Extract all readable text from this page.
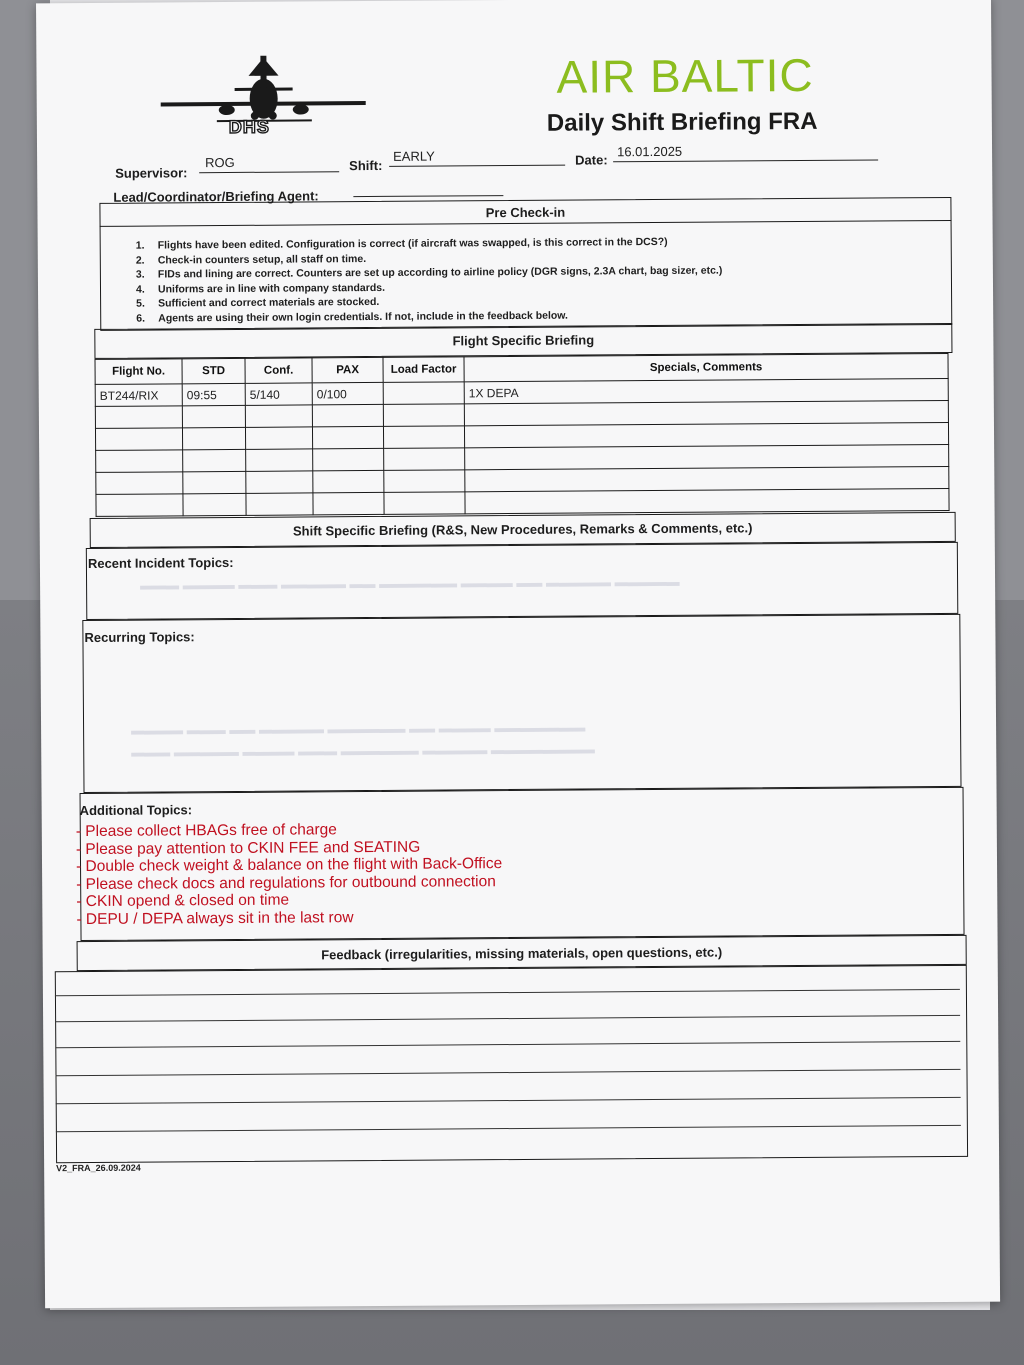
DHS
AIR BALTIC
Daily Shift Briefing FRA
Supervisor:
ROG	Shift:
EARLY	Date:
16.01.2025
Lead/Coordinator/Briefing Agent:
Pre Check-in
1. Flights have been edited. Configuration is correct (if aircraft was swapped, is this correct in the DCS?)
2. Check-in counters setup, all staff on time.
3. FIDs and lining are correct. Counters are set up according to airline policy (DGR signs, 2.3A chart, bag sizer, etc.)
4. Uniforms are in line with company standards.
5. Sufficient and correct materials are stocked.
6. Agents are using their own login credentials. If not, include in the feedback below.
Flight Specific Briefing
Flight No.	STD	Conf.	PAX	Load Factor	Specials, Comments
BT244/RIX	09:55	5/140	0/100		1X DEPA

Shift Specific Briefing (R&S, New Procedures, Remarks & Comments, etc.)
Recent Incident Topics:
▬▬▬ ▬▬▬▬ ▬▬▬ ▬▬▬▬▬ ▬▬ ▬▬▬▬▬▬ ▬▬▬▬ ▬▬ ▬▬▬▬▬ ▬▬▬▬▬
Recurring Topics:
▬▬▬▬ ▬▬▬ ▬▬ ▬▬▬▬▬ ▬▬▬▬▬▬ ▬▬ ▬▬▬▬ ▬▬▬▬▬▬▬
▬▬▬ ▬▬▬▬▬ ▬▬▬▬ ▬▬▬ ▬▬▬▬▬▬ ▬▬▬▬▬ ▬▬▬▬▬▬▬▬
Additional Topics:
- Please collect HBAGs free of charge
- Please pay attention to CKIN FEE and SEATING
- Double check weight & balance on the flight with Back-Office
- Please check docs and regulations for outbound connection
- CKIN opend & closed on time
- DEPU / DEPA always sit in the last row
Feedback (irregularities, missing materials, open questions, etc.)
V2_FRA_26.09.2024
